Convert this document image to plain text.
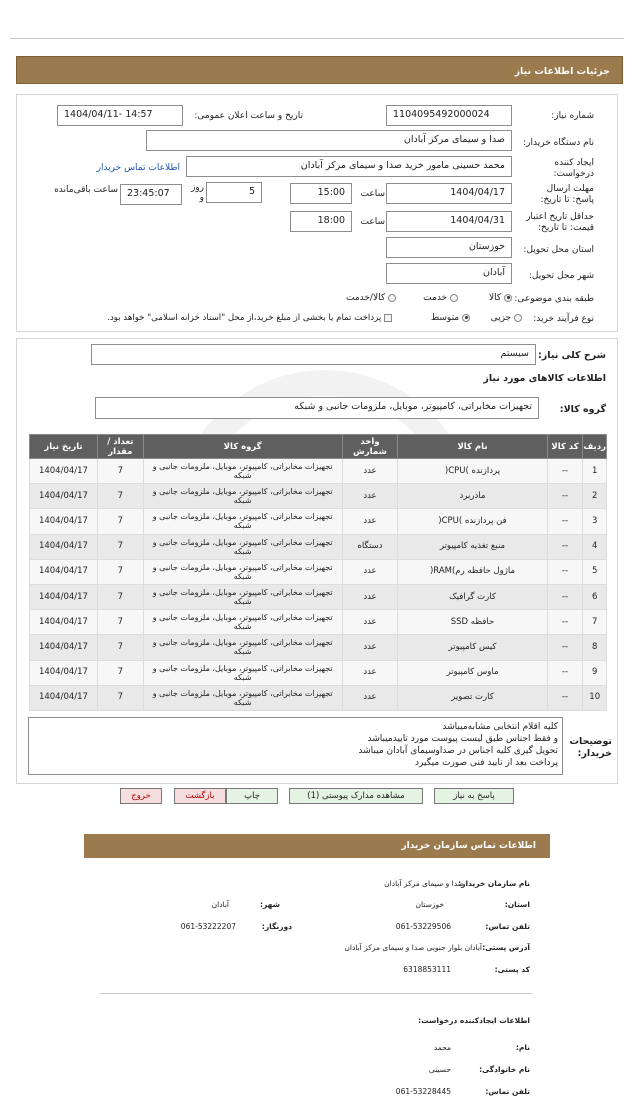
جزئیات اطلاعات نیاز
شماره نیاز:
1104095492000024
تاریخ و ساعت اعلان عمومی:
1404/04/11- 14:57
نام دستگاه خریدار:
صدا و سیمای مرکز آبادان
ایجاد کننده درخواست:
محمد حسینی مامور خرید صدا و سیمای مرکز آبادان
اطلاعات تماس خریدار
مهلت ارسال پاسخ: تا تاریخ:
1404/04/17
ساعت
15:00
5
روز و
23:45:07
ساعت باقی‌مانده
حداقل تاریخ اعتبار قیمت: تا تاریخ:
1404/04/31
ساعت
18:00
استان محل تحویل:
خوزستان
شهر محل تحویل:
آبادان
طبقه بندی موضوعی:
کالا
خدمت
کالا/خدمت
نوع فرآیند خرید:
جزیی
متوسط
پرداخت تمام یا بخشی از مبلغ خرید،از محل "اسناد خزانه اسلامی" خواهد بود.
شرح کلی نیاز:
سیستم
اطلاعات کالاهای مورد نیاز
گروه کالا:
تجهیزات مخابراتی، کامپیوتر، موبایل، ملزومات جانبی و شبکه
ردیف	کد کالا	نام کالا	واحد شمارش	گروه کالا	تعداد / مقدار	تاریخ نیاز
1	--	پردازنده )CPU(	عدد	تجهیزات مخابراتی، کامپیوتر، موبایل، ملزومات جانبی و شبکه	7	1404/04/17
2	--	مادربرد	عدد	تجهیزات مخابراتی، کامپیوتر، موبایل، ملزومات جانبی و شبکه	7	1404/04/17
3	--	فن پردازنده )CPU(	عدد	تجهیزات مخابراتی، کامپیوتر، موبایل، ملزومات جانبی و شبکه	7	1404/04/17
4	--	منبع تغذیه کامپیوتر	دستگاه	تجهیزات مخابراتی، کامپیوتر، موبایل، ملزومات جانبی و شبکه	7	1404/04/17
5	--	ماژول حافظه رم)RAM(	عدد	تجهیزات مخابراتی، کامپیوتر، موبایل، ملزومات جانبی و شبکه	7	1404/04/17
6	--	کارت گرافیک	عدد	تجهیزات مخابراتی، کامپیوتر، موبایل، ملزومات جانبی و شبکه	7	1404/04/17
7	--	حافظه SSD	عدد	تجهیزات مخابراتی، کامپیوتر، موبایل، ملزومات جانبی و شبکه	7	1404/04/17
8	--	کیس کامپیوتر	عدد	تجهیزات مخابراتی، کامپیوتر، موبایل، ملزومات جانبی و شبکه	7	1404/04/17
9	--	ماوس کامپیوتر	عدد	تجهیزات مخابراتی، کامپیوتر، موبایل، ملزومات جانبی و شبکه	7	1404/04/17
10	--	کارت تصویر	عدد	تجهیزات مخابراتی، کامپیوتر، موبایل، ملزومات جانبی و شبکه	7	1404/04/17
توضیحات خریدار:
کلیه اقلام انتخابی مشابه‌میباشد
و فقط اجناس طبق لیست پیوست مورد تاییدمیباشد
تحویل گیری کلیه اجناس در صداوسیمای آبادان میباشد
پرداخت بعد از تایید فنی صورت میگیرد
پاسخ به نیاز
مشاهده مدارک پیوستی (1)
چاپ
بازگشت
خروج
اطلاعات تماس سازمان خریدار
نام سازمان خریدار:
صدا و سیمای مرکز آبادان
استان:
خوزستان
شهر:
آبادان
تلفن تماس:
061-53229506
دورنگار:
061-53222207
آدرس پستی:
آبادان بلوار جنوبی صدا و سیمای مرکز آبادان
کد پستی:
6318853111
اطلاعات ایجادکننده درخواست:
نام:
محمد
نام خانوادگی:
حسینی
تلفن تماس:
061-53228445
